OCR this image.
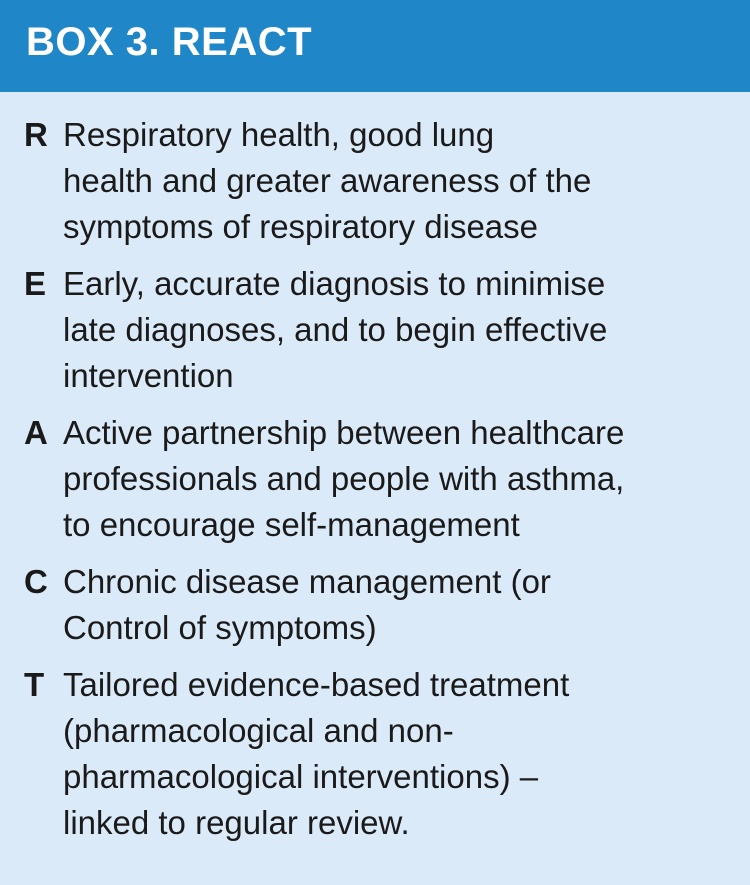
BOX 3. REACT
R Respiratory health, good lung
health and greater awareness of the
symptoms of respiratory disease
E Early, accurate diagnosis to minimise
late diagnoses, and to begin effective
intervention
A Active partnership between healthcare
professionals and people with asthma,
to encourage self-management
C Chronic disease management (or
Control of symptoms)
T Tailored evidence-based treatment
(pharmacological and non-
pharmacological interventions) –
linked to regular review.
